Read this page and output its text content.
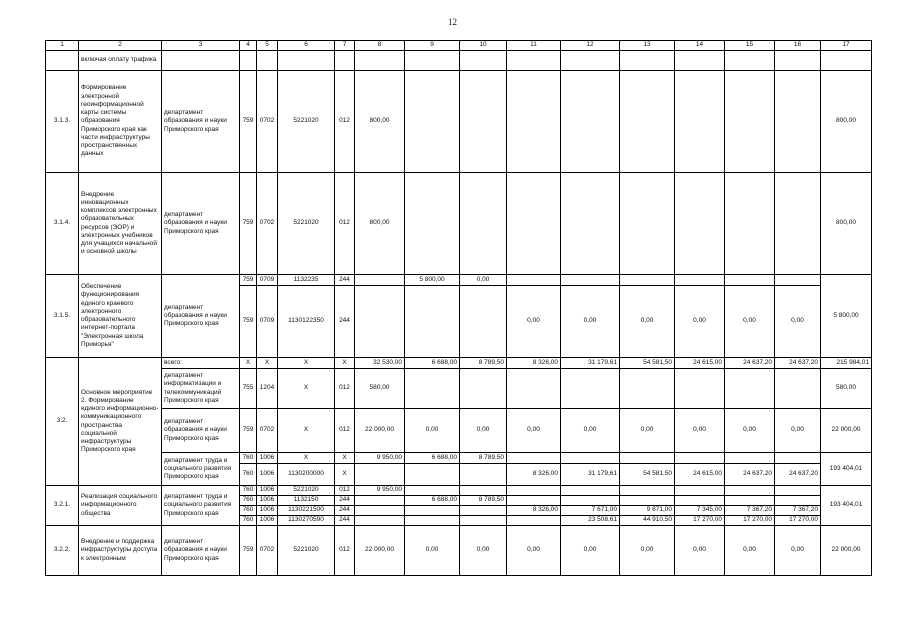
12
1	2	3	4	5	6	7	8	9	10	11	12	13	14	15	16	17
	включая оплату трафика															
3.1.3.	Формирование электронной геоинформационной карты системы образования Приморского края как части инфраструктуры пространственных данных	департамент образования и науки Приморского края	759	0702	5221020	012	800,00									800,00
3.1.4.	Внедрение инновационных комплексов электронных образовательных ресурсов (ЭОР) и электронных учебников для учащихся начальной и основной школы	департамент образования и науки Приморского края	759	0702	5221020	012	800,00									800,00
3.1.5.	Обеспечение функционирования единого краевого электронного образовательного интернет-портала "Электронная школа Приморья"	департамент образования и науки Приморского края	759	0709	1132235	244		5 800,00	0,00							5 800,00
			759	0709	1130122350	244				0,00	0,00	0,00	0,00	0,00	0,00	
3.2.	Основное мероприятие 2. Формирование единого информационно-коммуникационного пространства социальной инфраструктуры Приморского края	всего:	X	X	X	X	32 530,00	6 688,00	8 789,50	8 326,00	31 179,61	54 581,50	24 615,00	24 637,20	24 637,20	215 984,01
		департамент информатизации и телекоммуникаций Приморского края	755	1204	X	012	580,00									580,00
		департамент образования и науки Приморского края	759	0702	X	012	22 000,00	0,00	0,00	0,00	0,00	0,00	0,00	0,00	0,00	22 000,00
		департамент труда и социального развития Приморского края	760	1006	X	X	9 950,00	6 688,00	8 789,50							193 404,01
			760	1006	1130200000	X				8 326,00	31 179,61	54 581,50	24 615,00	24 637,20	24 637,20	
3.2.1.	Реализация социального информационного общества	департамент труда и социального развития Приморского края	760	1006	5221020	012	9 950,00									193 404,01
			760	1006	1132150	244		6 688,00	8 789,50							
			760	1006	1130221500	244				8 326,00	7 671,00	9 671,00	7 345,00	7 367,20	7 367,20	
			760	1006	1130270590	244					23 508,61	44 910,50	17 270,00	17 270,00	17 270,00	
3.2.2.	Внедрение и поддержка инфраструктуры доступа к электронным	департамент образования и науки Приморского края	759	0702	5221020	012	22 000,00	0,00	0,00	0,00	0,00	0,00	0,00	0,00	0,00	22 000,00
